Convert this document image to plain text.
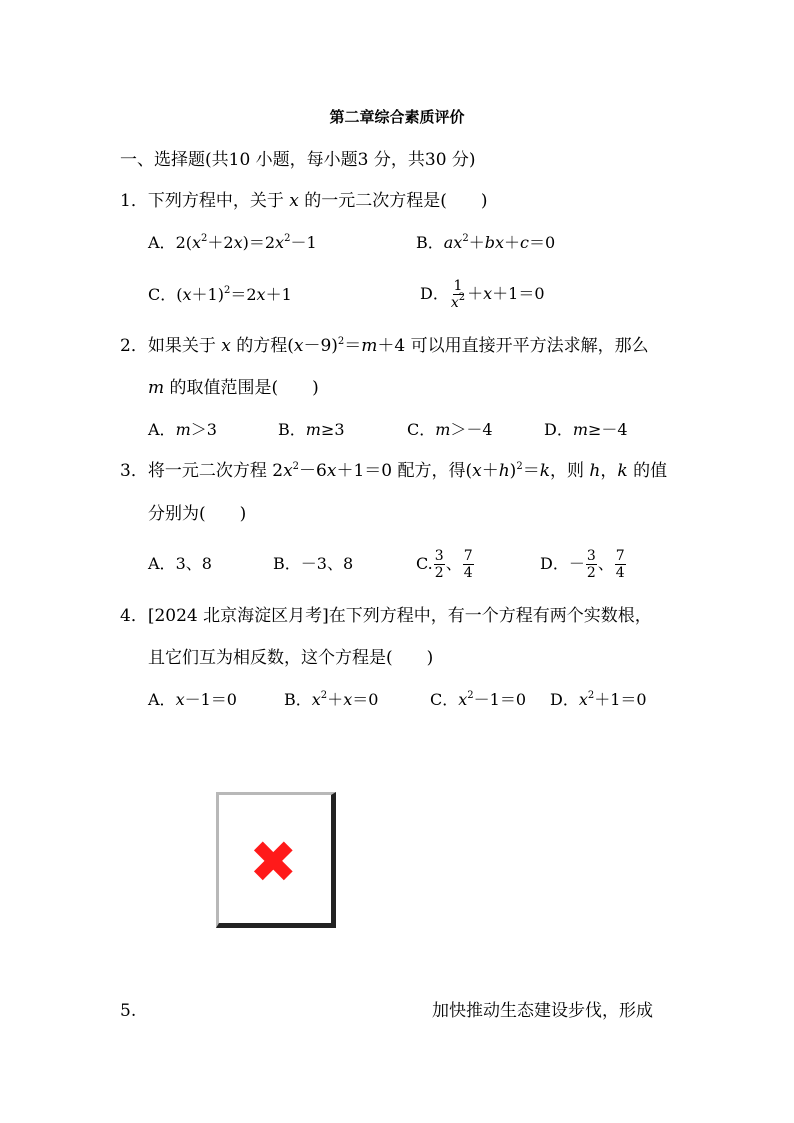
第二章综合素质评价
一、选择题(共10 小题，每小题3 分，共30 分)
1．下列方程中，关于 x 的一元二次方程是(　　)
A．$2(x^2+2x)=2x^2-1$	B．$ax^2+bx+c=0$
C．$(x+1)^2=2x+1$	D． $\frac{1}{x^2} +x+1=0$
2．如果关于 x 的方程$(x-9)^2=m+4$ 可以用直接开平方法求解，那么
m 的取值范围是(　　)
A．m＞3	B．m≥3	C．m＞－4	D．m≥－4
3．将一元二次方程 $2x^2-6x+1=0$ 配方，得$(x+h)^2=k$，则 h，k 的值
分别为(　　)
A．3、8	B．－3、8	C. $\frac{3}{2}$ 、 $\frac{7}{4}$	D．－ $\frac{3}{2}$ 、 $\frac{7}{4}$
4．[2024 北京海淀区月考]在下列方程中，有一个方程有两个实数根，
且它们互为相反数，这个方程是(　　)
A．x－1＝0	B．$x^2+x=0$	C．$x^2-1=0$ D．$x^2+1=0$
✖
5.	加快推动生态建设步伐，形成
